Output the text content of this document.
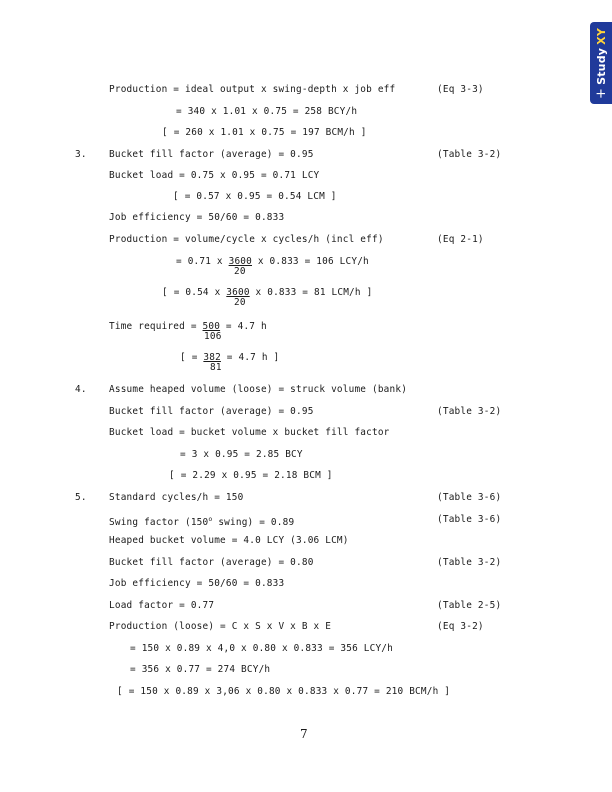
+
Study
XY
Production = ideal output x swing-depth x job eff	(Eq 3-3)
= 340 x 1.01 x 0.75 = 258 BCY/h
[ = 260 x 1.01 x 0.75 = 197 BCM/h ]
3. Bucket fill factor (average) = 0.95	(Table 3-2)
Bucket load = 0.75 x 0.95 = 0.71 LCY
[ = 0.57 x 0.95 = 0.54 LCM ]
Job efficiency = 50/60 = 0.833
Production = volume/cycle x cycles/h (incl eff)	(Eq 2-1)
= 0.71 x 3600 x 0.833 = 106 LCY/h
20
[ = 0.54 x 3600 x 0.833 = 81 LCM/h ]
20
Time required = 500 = 4.7 h
106
[ = 382 = 4.7 h ]
81
4. Assume heaped volume (loose) = struck volume (bank)
Bucket fill factor (average) = 0.95	(Table 3-2)
Bucket load = bucket volume x bucket fill factor
= 3 x 0.95 = 2.85 BCY
[ = 2.29 x 0.95 = 2.18 BCM ]
5. Standard cycles/h = 150	(Table 3-6)
Swing factor (150$^o$ swing) = 0.89	(Table 3-6)
Heaped bucket volume = 4.0 LCY (3.06 LCM)
Bucket fill factor (average) = 0.80	(Table 3-2)
Job efficiency = 50/60 = 0.833
Load factor = 0.77	(Table 2-5)
Production (loose) = C x S x V x B x E	(Eq 3-2)
= 150 x 0.89 x 4,0 x 0.80 x 0.833 = 356 LCY/h
= 356 x 0.77 = 274 BCY/h
[ = 150 x 0.89 x 3,06 x 0.80 x 0.833 x 0.77 = 210 BCM/h ]
7
